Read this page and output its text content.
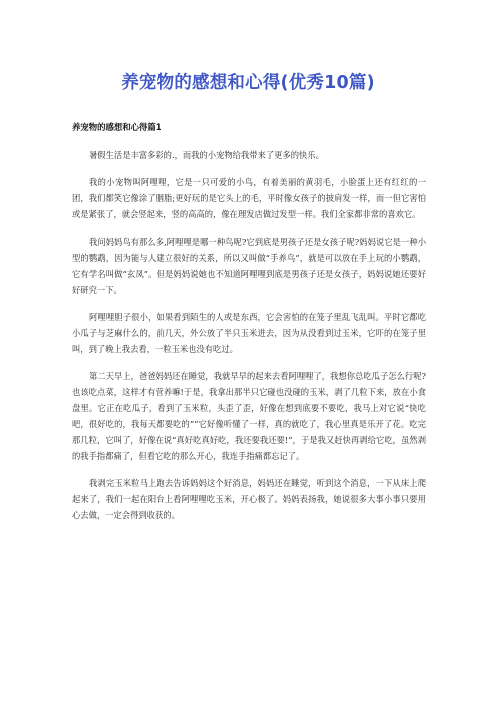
养宠物的感想和心得(优秀10篇)
养宠物的感想和心得篇1

暑假生活是丰富多彩的.，而我的小宠物给我带来了更多的快乐。

我的小宠物叫阿哩哩，它是一只可爱的小鸟，有着美丽的黄羽毛，小脸蛋上还有红红的一团，我们都笑它像涂了胭脂;更好玩的是它头上的毛，平时像女孩子的披肩发一样，而一但它害怕或是紧张了，就会竖起来，竖的高高的，像在理发店做过发型一样。我们全家都非常的喜欢它。

我问妈妈鸟有那么多,阿哩哩是哪一种鸟呢?它到底是男孩子还是女孩子呢?妈妈说它是一种小型的鹦鹉，因为能与人建立很好的关系，所以又叫做“手养鸟”，就是可以放在手上玩的小鹦鹉，它有学名叫做“玄凤”。但是妈妈说她也不知道阿哩哩到底是男孩子还是女孩子，妈妈说她还要好好研究一下。

阿哩哩胆子很小，如果看到陌生的人或是东西，它会害怕的在笼子里乱飞乱叫。平时它都吃小瓜子与芝麻什么的，前几天，外公放了半只玉米进去，因为从没看到过玉米，它吓的在笼子里叫，到了晚上我去看，一粒玉米也没有吃过。

第二天早上，爸爸妈妈还在睡觉，我就早早的起来去看阿哩哩了，我想你总吃瓜子怎么行呢?也该吃点菜，这样才有营养嘛!于是，我拿出那半只它碰也没碰的玉米，剥了几粒下来，放在小食盘里。它正在吃瓜子，看到了玉米粒，头歪了歪，好像在想到底要不要吃，我马上对它说“快吃吧，很好吃的，我每天都要吃的””它好像听懂了一样，真的就吃了，我心里真是乐开了花。吃完那几粒，它叫了，好像在说“真好吃真好吃，我还要我还要!”，于是我又赶快再剥给它吃，虽然剥的我手指都痛了，但看它吃的那么开心，我连手指痛都忘记了。

我剥完玉米粒马上跑去告诉妈妈这个好消息，妈妈还在睡觉，听到这个消息，一下从床上爬起来了，我们一起在阳台上看阿哩哩吃玉米，开心极了。妈妈表扬我，她说很多大事小事只要用心去做，一定会得到收获的。
